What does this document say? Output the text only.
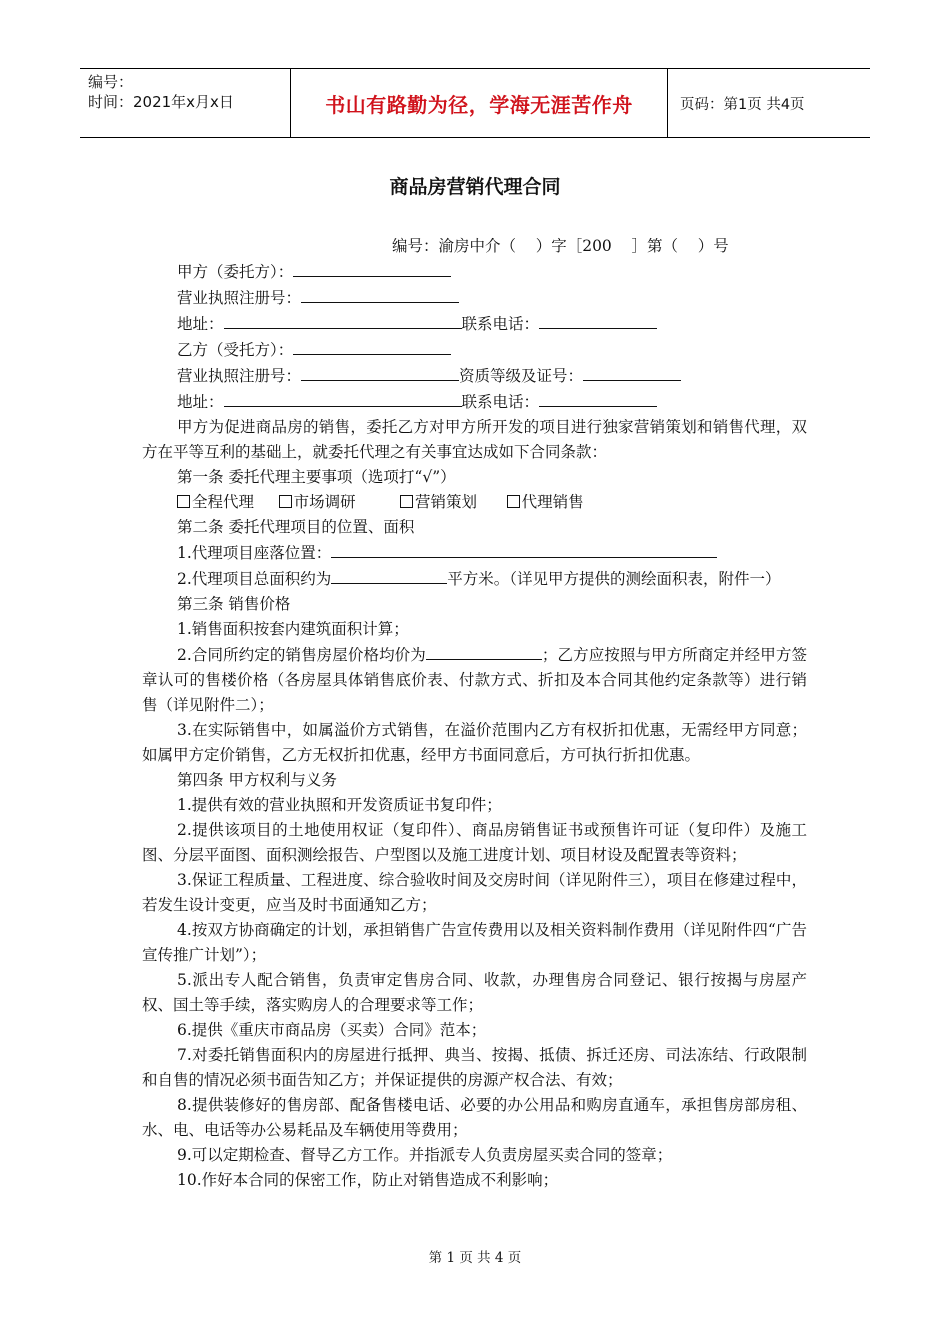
编号：
时间：2021年x月x日	书山有路勤为径，学海无涯苦作舟	页码：第1页 共4页
商品房营销代理合同
编号：渝房中介（    ）字［200    ］第（    ）号

甲方（委托方）：

营业执照注册号：

地址：	联系电话：

乙方（受托方）：

营业执照注册号：	资质等级及证号：

地址：	联系电话：

甲方为促进商品房的销售，委托乙方对甲方所开发的项目进行独家营销策划和销售代理，双方在平等互利的基础上，就委托代理之有关事宜达成如下合同条款：

第一条 委托代理主要事项（选项打“√”）

全程代理	市场调研	营销策划	代理销售

第二条 委托代理项目的位置、面积

1.代理项目座落位置：

2.代理项目总面积约为	平方米。（详见甲方提供的测绘面积表，附件一）

第三条 销售价格

1.销售面积按套内建筑面积计算；

2.合同所约定的销售房屋价格均价为	；乙方应按照与甲方所商定并经甲方签章认可的售楼价格（各房屋具体销售底价表、付款方式、折扣及本合同其他约定条款等）进行销售（详见附件二）；

3.在实际销售中，如属溢价方式销售，在溢价范围内乙方有权折扣优惠，无需经甲方同意；如属甲方定价销售，乙方无权折扣优惠，经甲方书面同意后，方可执行折扣优惠。

第四条 甲方权利与义务

1.提供有效的营业执照和开发资质证书复印件；

2.提供该项目的土地使用权证（复印件）、商品房销售证书或预售许可证（复印件）及施工图、分层平面图、面积测绘报告、户型图以及施工进度计划、项目材设及配置表等资料；

3.保证工程质量、工程进度、综合验收时间及交房时间（详见附件三），项目在修建过程中，若发生设计变更，应当及时书面通知乙方；

4.按双方协商确定的计划，承担销售广告宣传费用以及相关资料制作费用（详见附件四“广告宣传推广计划”）；

5.派出专人配合销售，负责审定售房合同、收款，办理售房合同登记、银行按揭与房屋产权、国土等手续，落实购房人的合理要求等工作；

6.提供《重庆市商品房（买卖）合同》范本；

7.对委托销售面积内的房屋进行抵押、典当、按揭、抵债、拆迁还房、司法冻结、行政限制和自售的情况必须书面告知乙方；并保证提供的房源产权合法、有效；

8.提供装修好的售房部、配备售楼电话、必要的办公用品和购房直通车，承担售房部房租、水、电、电话等办公易耗品及车辆使用等费用；

9.可以定期检查、督导乙方工作。并指派专人负责房屋买卖合同的签章；

10.作好本合同的保密工作，防止对销售造成不利影响；

第 1 页 共 4 页
